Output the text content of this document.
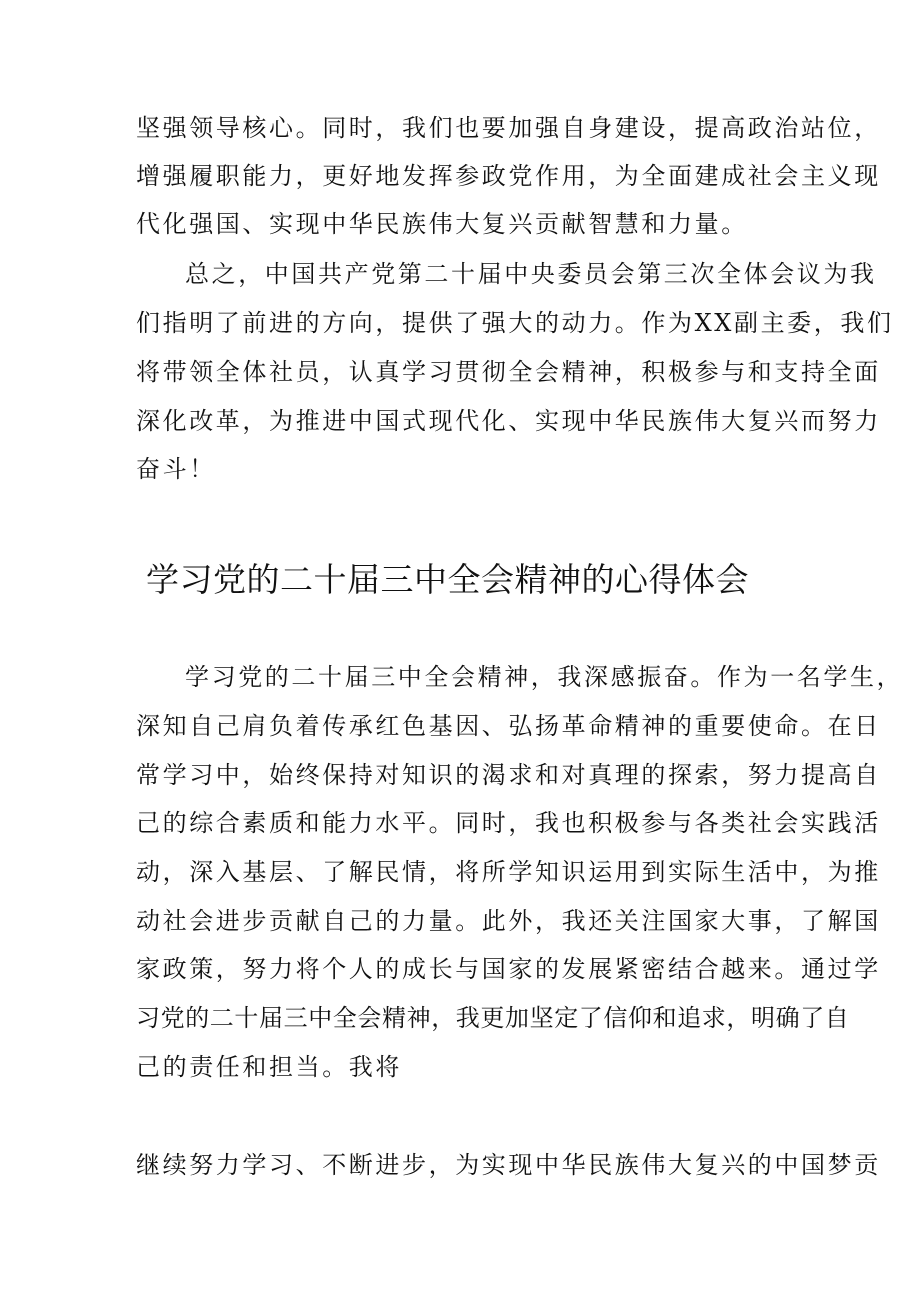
坚强领导核心。同时，我们也要加强自身建设，提高政治站位，
增强履职能力，更好地发挥参政党作用，为全面建成社会主义现
代化强国、实现中华民族伟大复兴贡献智慧和力量。
总之，中国共产党第二十届中央委员会第三次全体会议为我
们指明了前进的方向，提供了强大的动力。作为XX副主委，我们
将带领全体社员，认真学习贯彻全会精神，积极参与和支持全面
深化改革，为推进中国式现代化、实现中华民族伟大复兴而努力
奋斗！
学习党的二十届三中全会精神的心得体会
学习党的二十届三中全会精神，我深感振奋。作为一名学生，
深知自己肩负着传承红色基因、弘扬革命精神的重要使命。在日
常学习中，始终保持对知识的渴求和对真理的探索，努力提高自
己的综合素质和能力水平。同时，我也积极参与各类社会实践活
动，深入基层、了解民情，将所学知识运用到实际生活中，为推
动社会进步贡献自己的力量。此外，我还关注国家大事，了解国
家政策，努力将个人的成长与国家的发展紧密结合越来。通过学
习党的二十届三中全会精神，我更加坚定了信仰和追求，明确了自
己的责任和担当。我将
继续努力学习、不断进步，为实现中华民族伟大复兴的中国梦贡
